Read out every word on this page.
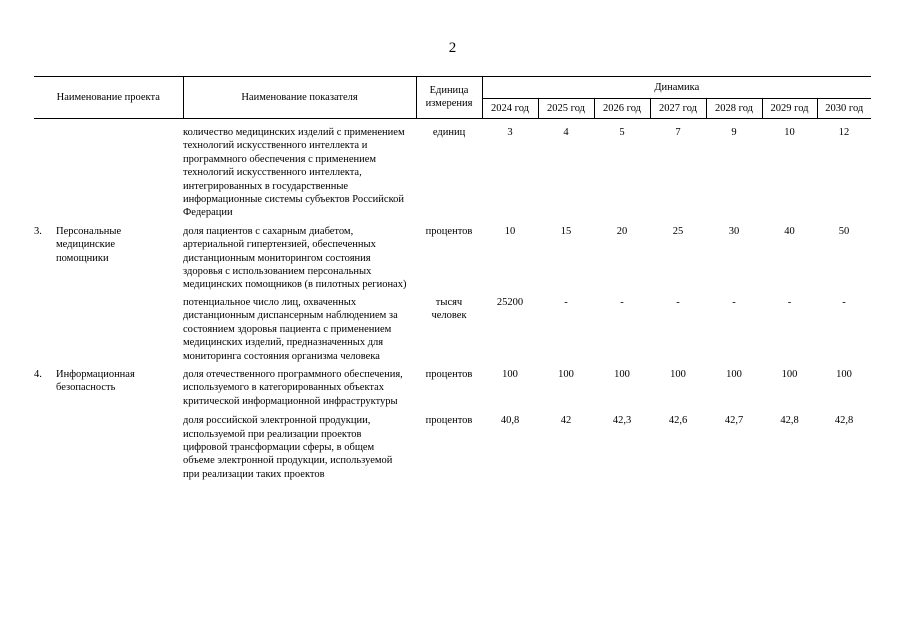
2
Наименование проекта		Наименование показателя	Единица измерения	Динамика						
				2024 год	2025 год	2026 год	2027 год	2028 год	2029 год	2030 год

		количество медицинских изделий с применением технологий искусственного интеллекта и программного обеспечения с применением технологий искусственного интеллекта, интегрированных в государственные информационные системы субъектов Российской Федерации	единиц	3	4	5	7	9	10	12
3.	Персональные медицинские помощники	доля пациентов с сахарным диабетом, артериальной гипертензией, обеспеченных дистанционным мониторингом состояния здоровья с использованием персональных медицинских помощников (в пилотных регионах)	процентов	10	15	20	25	30	40	50

		потенциальное число лиц, охваченных дистанционным диспансерным наблюдением за состоянием здоровья пациента с применением медицинских изделий, предназначенных для мониторинга состояния организма человека	тысяч человек	25200	-	-	-	-	-	-
4.	Информационная безопасность	доля отечественного программного обеспечения, используемого в категорированных объектах критической информационной инфраструктуры	процентов	100	100	100	100	100	100	100

		доля российской электронной продукции, используемой при реализации проектов цифровой трансформации сферы, в общем объеме электронной продукции, используемой при реализации таких проектов	процентов	40,8	42	42,3	42,6	42,7	42,8	42,8
